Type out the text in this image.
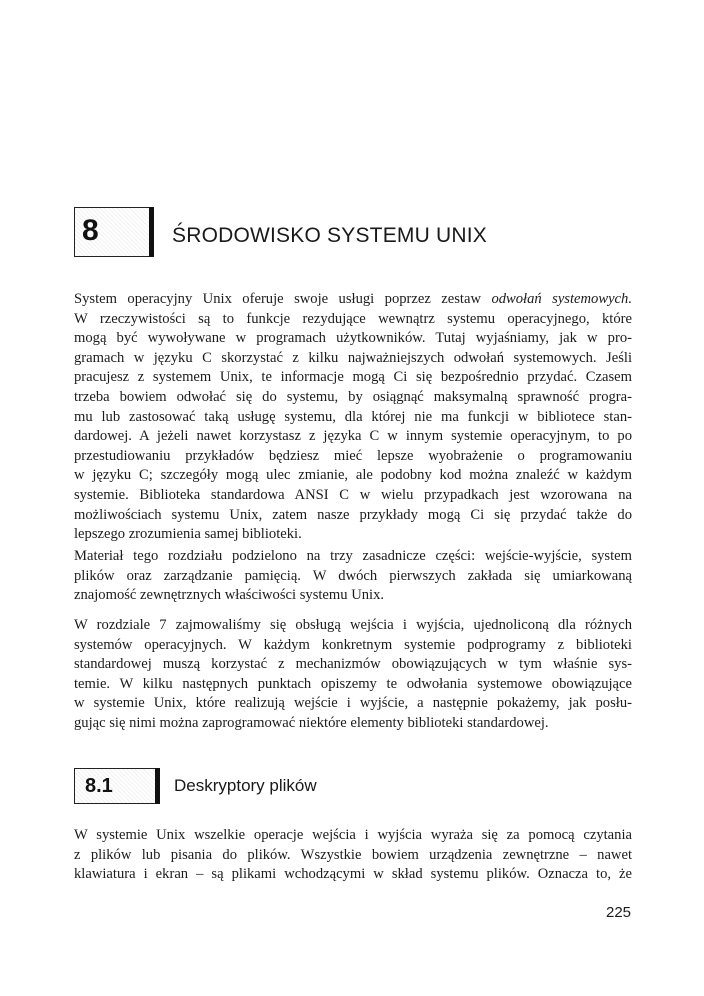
8	ŚRODOWISKO SYSTEMU UNIX

System operacyjny Unix oferuje swoje usługi poprzez zestaw odwołań systemowych.
W rzeczywistości są to funkcje rezydujące wewnątrz systemu operacyjnego, które
mogą być wywoływane w programach użytkowników. Tutaj wyjaśniamy, jak w pro-
gramach w języku C skorzystać z kilku najważniejszych odwołań systemowych. Jeśli
pracujesz z systemem Unix, te informacje mogą Ci się bezpośrednio przydać. Czasem
trzeba bowiem odwołać się do systemu, by osiągnąć maksymalną sprawność progra-
mu lub zastosować taką usługę systemu, dla której nie ma funkcji w bibliotece stan-
dardowej. A jeżeli nawet korzystasz z języka C w innym systemie operacyjnym, to po
przestudiowaniu przykładów będziesz mieć lepsze wyobrażenie o programowaniu
w języku C; szczegóły mogą ulec zmianie, ale podobny kod można znaleźć w każdym
systemie. Biblioteka standardowa ANSI C w wielu przypadkach jest wzorowana na
możliwościach systemu Unix, zatem nasze przykłady mogą Ci się przydać także do
lepszego zrozumienia samej biblioteki.

Materiał tego rozdziału podzielono na trzy zasadnicze części: wejście-wyjście, system
plików oraz zarządzanie pamięcią. W dwóch pierwszych zakłada się umiarkowaną
znajomość zewnętrznych właściwości systemu Unix.

W rozdziale 7 zajmowaliśmy się obsługą wejścia i wyjścia, ujednoliconą dla różnych
systemów operacyjnych. W każdym konkretnym systemie podprogramy z biblioteki
standardowej muszą korzystać z mechanizmów obowiązujących w tym właśnie sys-
temie. W kilku następnych punktach opiszemy te odwołania systemowe obowiązujące
w systemie Unix, które realizują wejście i wyjście, a następnie pokażemy, jak posłu-
gując się nimi można zaprogramować niektóre elementy biblioteki standardowej.

8.1	Deskryptory plików

W systemie Unix wszelkie operacje wejścia i wyjścia wyraża się za pomocą czytania
z plików lub pisania do plików. Wszystkie bowiem urządzenia zewnętrzne – nawet
klawiatura i ekran – są plikami wchodzącymi w skład systemu plików. Oznacza to, że

225
